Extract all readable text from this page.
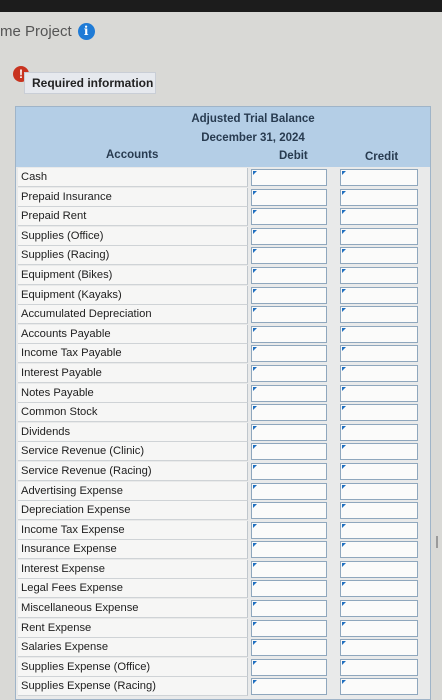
me Project	i
!
Required information
Adjusted Trial Balance
December 31, 2024
Accounts	Debit	Credit
Cash
Prepaid Insurance
Prepaid Rent
Supplies (Office)
Supplies (Racing)
Equipment (Bikes)
Equipment (Kayaks)
Accumulated Depreciation
Accounts Payable
Income Tax Payable
Interest Payable
Notes Payable
Common Stock
Dividends
Service Revenue (Clinic)
Service Revenue (Racing)
Advertising Expense
Depreciation Expense
Income Tax Expense
Insurance Expense
Interest Expense
Legal Fees Expense
Miscellaneous Expense
Rent Expense
Salaries Expense
Supplies Expense (Office)
Supplies Expense (Racing)
